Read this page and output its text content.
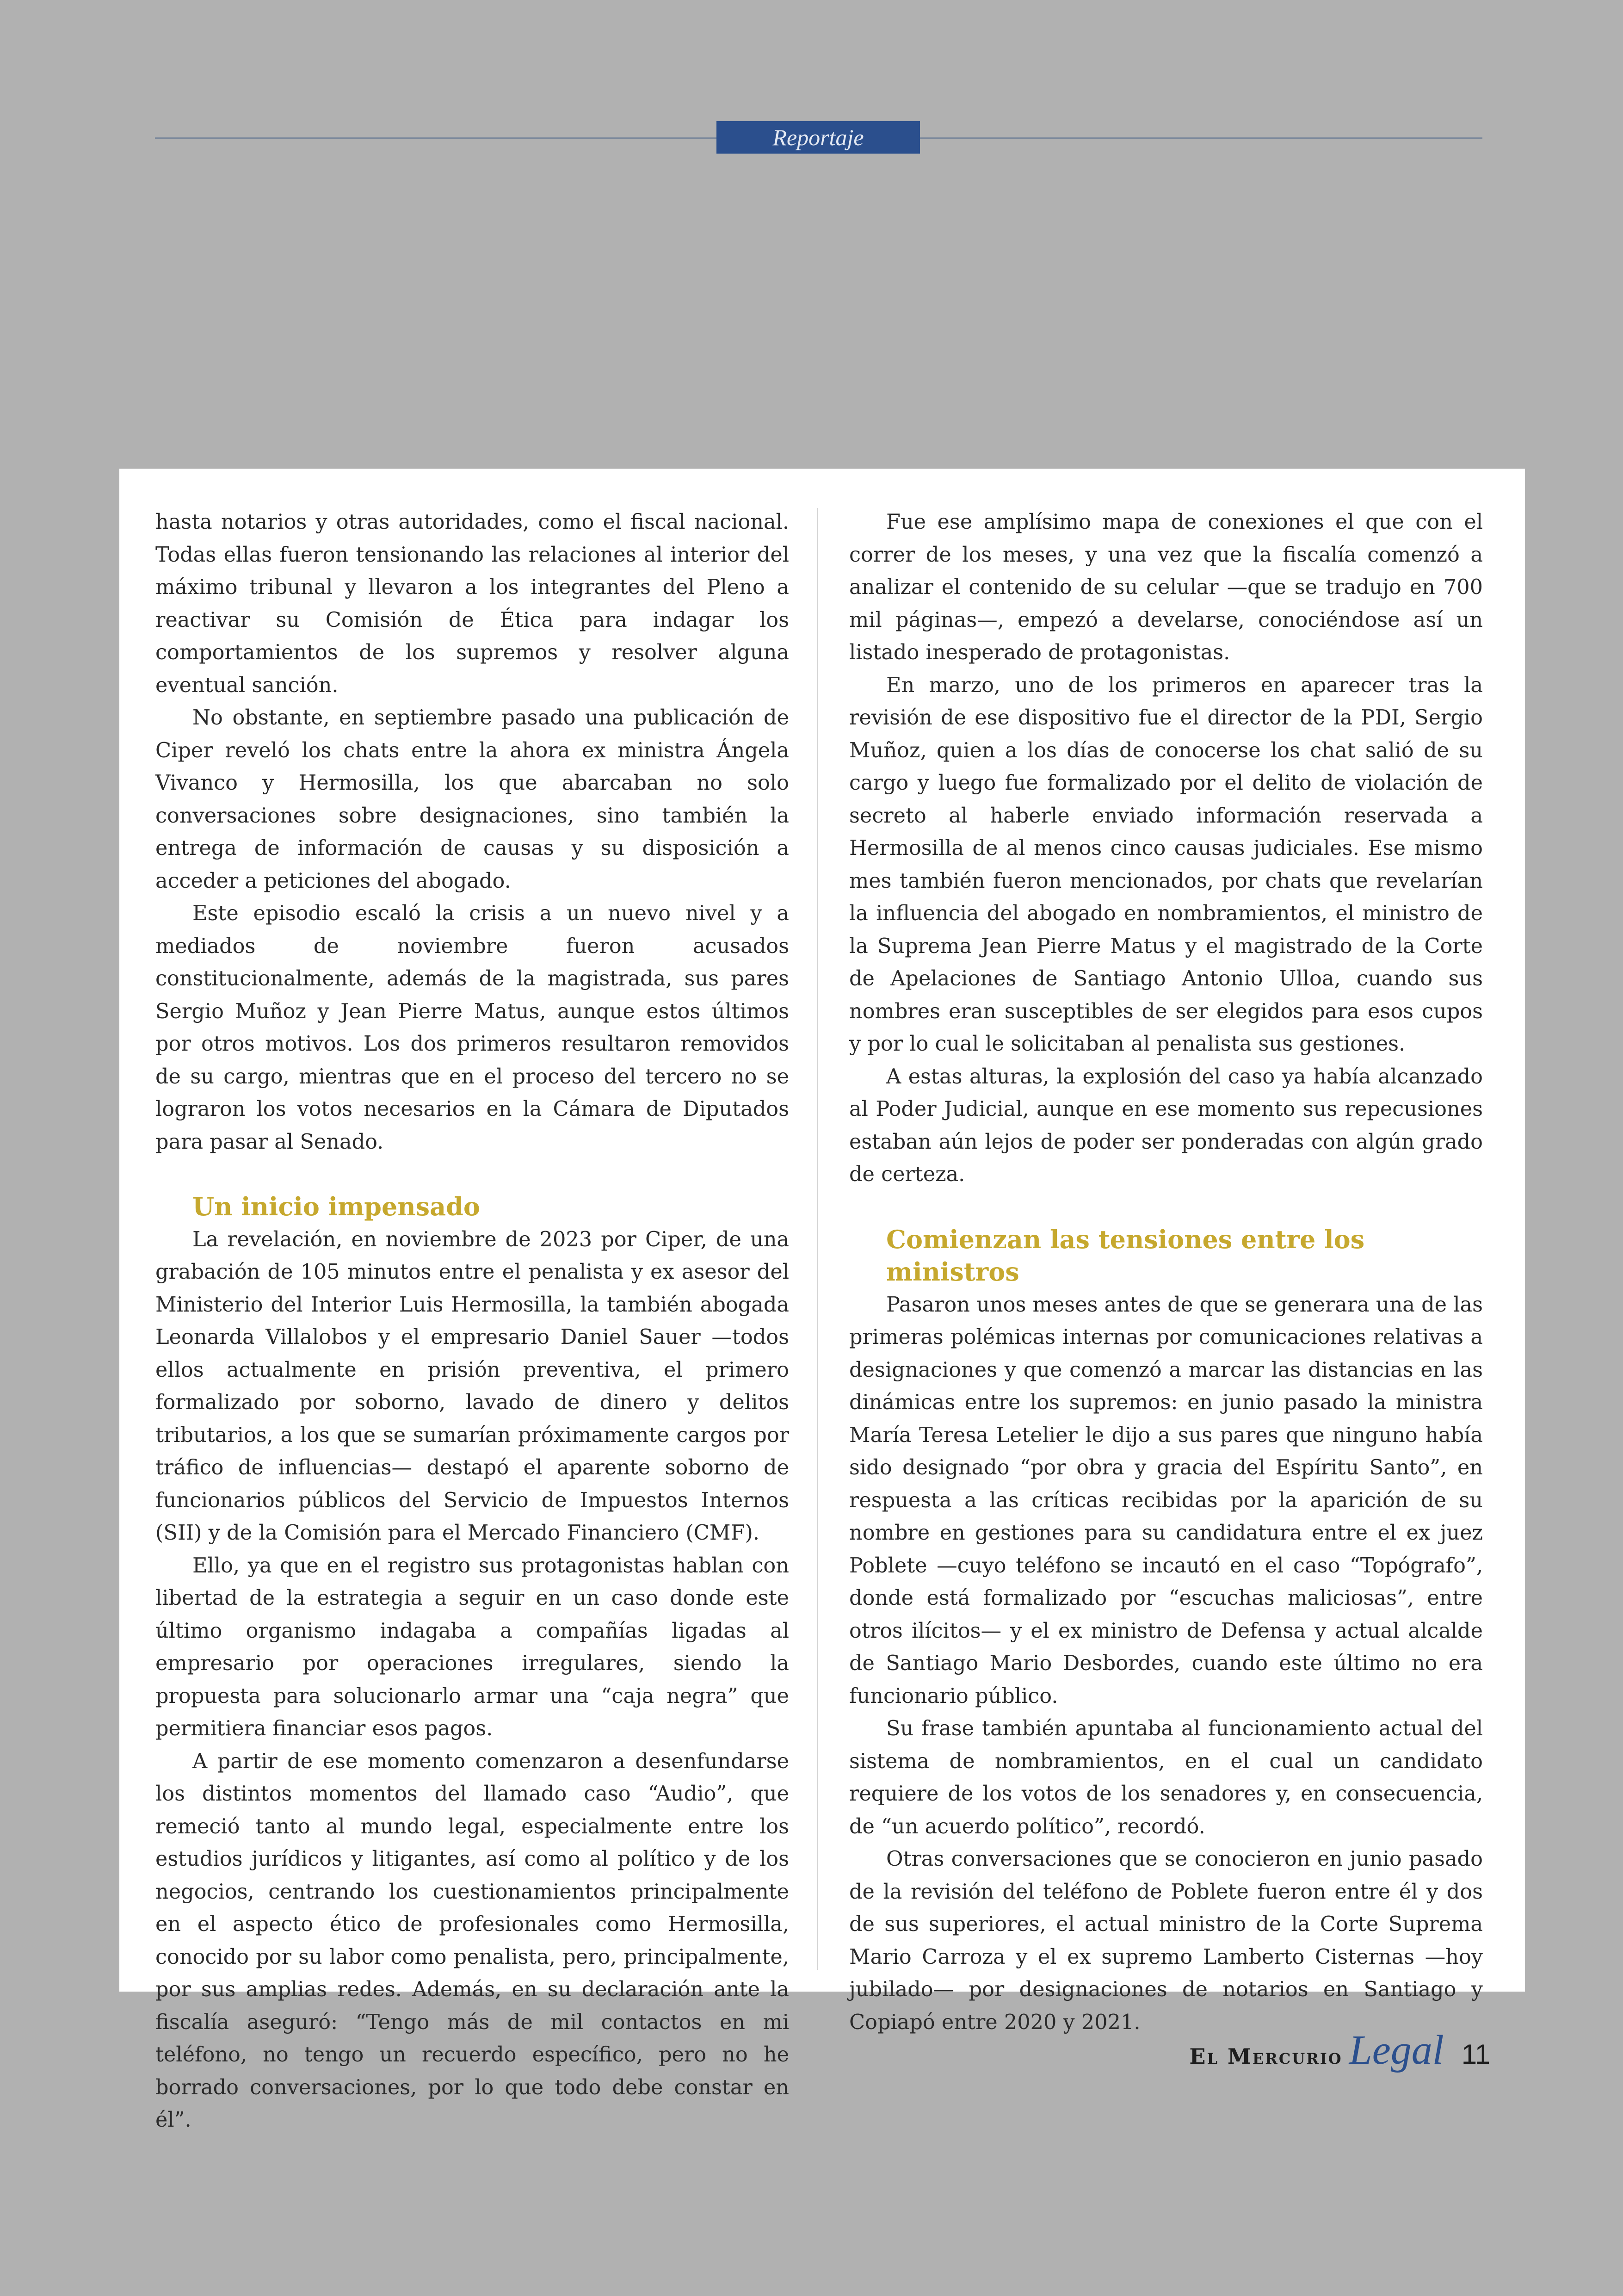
Reportaje

hasta notarios y otras autoridades, como el fiscal nacional. Todas ellas fueron tensionando las relaciones al interior del máximo tribunal y llevaron a los integrantes del Pleno a reactivar su Comisión de Ética para indagar los comportamientos de los supremos y resolver alguna eventual sanción.

No obstante, en septiembre pasado una publicación de Ciper reveló los chats entre la ahora ex ministra Ángela Vivanco y Hermosilla, los que abarcaban no solo conversaciones sobre designaciones, sino también la entrega de información de causas y su disposición a acceder a peticiones del abogado.

Este episodio escaló la crisis a un nuevo nivel y a mediados de noviembre fueron acusados constitucionalmente, además de la magistrada, sus pares Sergio Muñoz y Jean Pierre Matus, aunque estos últimos por otros motivos. Los dos primeros resultaron removidos de su cargo, mientras que en el proceso del tercero no se lograron los votos necesarios en la Cámara de Diputados para pasar al Senado.

Un inicio impensado

La revelación, en noviembre de 2023 por Ciper, de una grabación de 105 minutos entre el penalista y ex asesor del Ministerio del Interior Luis Hermosilla, la también abogada Leonarda Villalobos y el empresario Daniel Sauer —todos ellos actualmente en prisión preventiva, el primero formalizado por soborno, lavado de dinero y delitos tributarios, a los que se sumarían próximamente cargos por tráfico de influencias— destapó el aparente soborno de funcionarios públicos del Servicio de Impuestos Internos (SII) y de la Comisión para el Mercado Financiero (CMF).

Ello, ya que en el registro sus protagonistas hablan con libertad de la estrategia a seguir en un caso donde este último organismo indagaba a compañías ligadas al empresario por operaciones irregulares, siendo la propuesta para solucionarlo armar una “caja negra” que permitiera financiar esos pagos.

A partir de ese momento comenzaron a desenfundarse los distintos momentos del llamado caso “Audio”, que remeció tanto al mundo legal, especialmente entre los estudios jurídicos y litigantes, así como al político y de los negocios, centrando los cuestionamientos principalmente en el aspecto ético de profesionales como Hermosilla, conocido por su labor como penalista, pero, principalmente, por sus amplias redes. Además, en su declaración ante la fiscalía aseguró: “Tengo más de mil contactos en mi teléfono, no tengo un recuerdo específico, pero no he borrado conversaciones, por lo que todo debe constar en él”.

Fue ese amplísimo mapa de conexiones el que con el correr de los meses, y una vez que la fiscalía comenzó a analizar el contenido de su celular —que se tradujo en 700 mil páginas—, empezó a develarse, conociéndose así un listado inesperado de protagonistas.

En marzo, uno de los primeros en aparecer tras la revisión de ese dispositivo fue el director de la PDI, Sergio Muñoz, quien a los días de conocerse los chat salió de su cargo y luego fue formalizado por el delito de violación de secreto al haberle enviado información reservada a Hermosilla de al menos cinco causas judiciales. Ese mismo mes también fueron mencionados, por chats que revelarían la influencia del abogado en nombramientos, el ministro de la Suprema Jean Pierre Matus y el magistrado de la Corte de Apelaciones de Santiago Antonio Ulloa, cuando sus nombres eran susceptibles de ser elegidos para esos cupos y por lo cual le solicitaban al penalista sus gestiones.

A estas alturas, la explosión del caso ya había alcanzado al Poder Judicial, aunque en ese momento sus repecusiones estaban aún lejos de poder ser ponderadas con algún grado de certeza.

Comienzan las tensiones entre los ministros

Pasaron unos meses antes de que se generara una de las primeras polémicas internas por comunicaciones relativas a designaciones y que comenzó a marcar las distancias en las dinámicas entre los supremos: en junio pasado la ministra María Teresa Letelier le dijo a sus pares que ninguno había sido designado “por obra y gracia del Espíritu Santo”, en respuesta a las críticas recibidas por la aparición de su nombre en gestiones para su candidatura entre el ex juez Poblete —cuyo teléfono se incautó en el caso “Topógrafo”, donde está formalizado por “escuchas maliciosas”, entre otros ilícitos— y el ex ministro de Defensa y actual alcalde de Santiago Mario Desbordes, cuando este último no era funcionario público.

Su frase también apuntaba al funcionamiento actual del sistema de nombramientos, en el cual un candidato requiere de los votos de los senadores y, en consecuencia, de “un acuerdo político”, recordó.

Otras conversaciones que se conocieron en junio pasado de la revisión del teléfono de Poblete fueron entre él y dos de sus superiores, el actual ministro de la Corte Suprema Mario Carroza y el ex supremo Lamberto Cisternas —hoy jubilado— por designaciones de notarios en Santiago y Copiapó entre 2020 y 2021.

El Mercurio Legal 11
